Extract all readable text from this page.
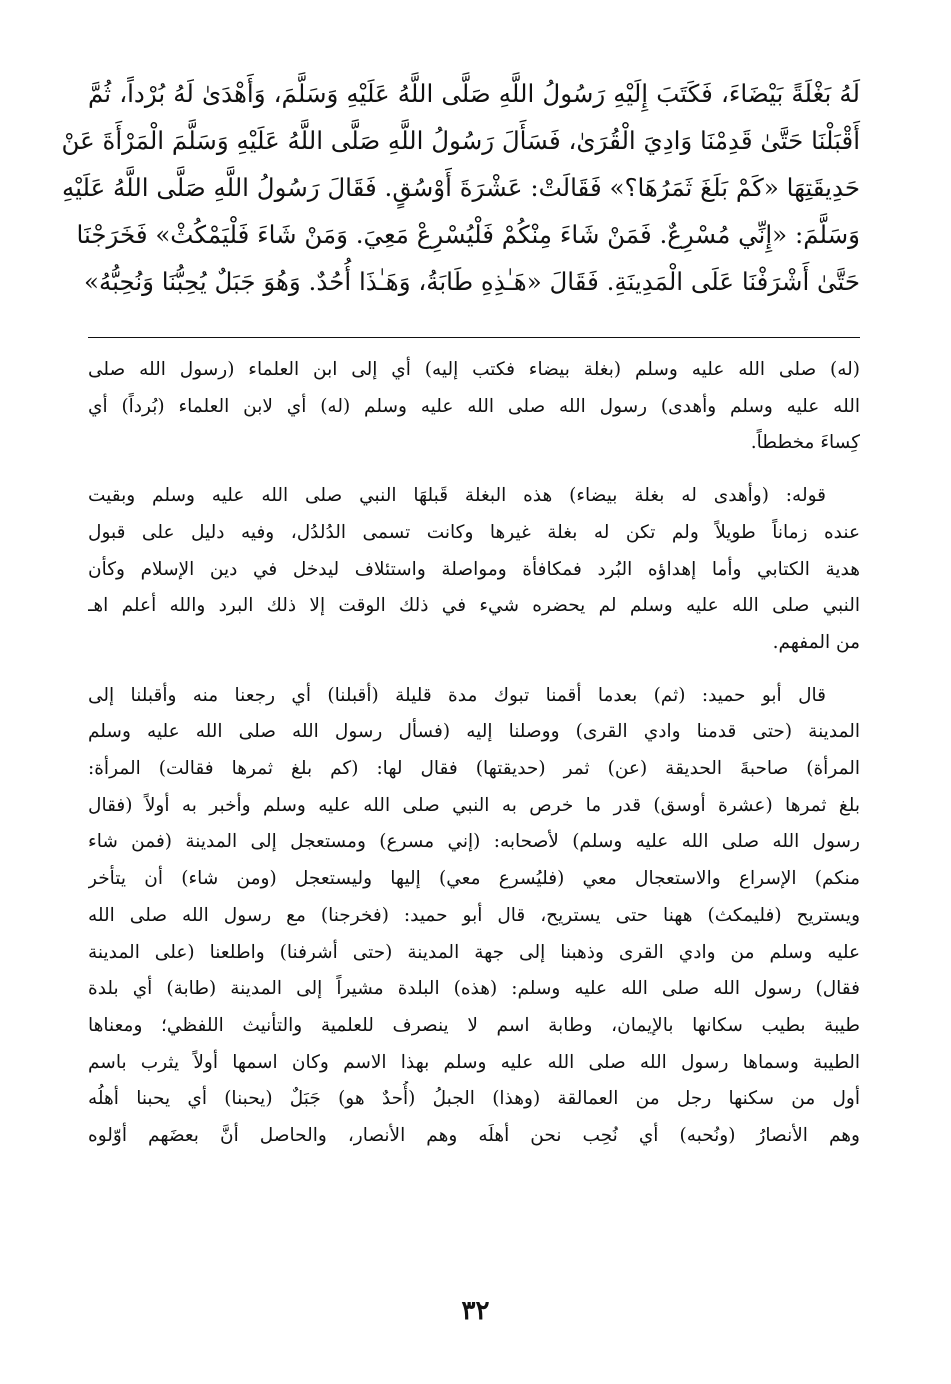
لَهُ بَغْلَةً بَيْضَاءَ، فَكَتَبَ إِلَيْهِ رَسُولُ اللَّهِ صَلَّى اللَّهُ عَلَيْهِ وَسَلَّمَ، وَأَهْدَىٰ لَهُ بُرْداً، ثُمَّ
أَقْبَلْنَا حَتَّىٰ قَدِمْنَا وَادِيَ الْقُرَىٰ، فَسَأَلَ رَسُولُ اللَّهِ صَلَّى اللَّهُ عَلَيْهِ وَسَلَّمَ الْمَرْأَةَ عَنْ
حَدِيقَتِهَا «كَمْ بَلَغَ ثَمَرُهَا؟» فَقَالَتْ: عَشْرَةَ أَوْسُقٍ. فَقَالَ رَسُولُ اللَّهِ صَلَّى اللَّهُ عَلَيْهِ
وَسَلَّمَ: «إِنِّي مُسْرِعٌ. فَمَنْ شَاءَ مِنْكُمْ فَلْيُسْرِعْ مَعِيَ. وَمَنْ شَاءَ فَلْيَمْكُثْ» فَخَرَجْنَا
حَتَّىٰ أَشْرَفْنَا عَلَى الْمَدِينَةِ. فَقَالَ «هَـٰذِهِ طَابَةُ، وَهَـٰذَا أُحُدٌ. وَهُوَ جَبَلٌ يُحِبُّنَا وَنُحِبُّهُ»
(له) صلى الله عليه وسلم (بغلة بيضاء فكتب إليه) أي إلى ابن العلماء (رسول الله صلى
الله عليه وسلم وأهدى) رسول الله صلى الله عليه وسلم (له) أي لابن العلماء (بُرداً) أي
كِساءَ مخططاً.
قوله: (وأهدى له بغلة بيضاء) هذه البغلة قَبلهَا النبي صلى الله عليه وسلم وبقيت
عنده زماناً طويلاً ولم تكن له بغلة غيرها وكانت تسمى الدُلدُل، وفيه دليل على قبول
هدية الكتابي وأما إهداؤه البُرد فمكافأة ومواصلة واستئلاف ليدخل في دين الإسلام وكأن
النبي صلى الله عليه وسلم لم يحضره شيء في ذلك الوقت إلا ذلك البرد والله أعلم اهـ
من المفهم.
قال أبو حميد: (ثم) بعدما أقمنا تبوك مدة قليلة (أقبلنا) أي رجعنا منه وأقبلنا إلى
المدينة (حتى قدمنا وادي القرى) ووصلنا إليه (فسأل رسول الله صلى الله عليه وسلم
المرأة) صاحبةَ الحديقة (عن) ثمر (حديقتها) فقال لها: (كم بلغ ثمرها فقالت) المرأة:
بلغ ثمرها (عشرة أوسق) قدر ما خرص به النبي صلى الله عليه وسلم وأخبر به أولاً (فقال
رسول الله صلى الله عليه وسلم) لأصحابه: (إني مسرع) ومستعجل إلى المدينة (فمن شاء
منكم) الإسراع والاستعجال معي (فليُسرع معي) إليها وليستعجل (ومن شاء) أن يتأخر
ويستريح (فليمكث) ههنا حتى يستريح، قال أبو حميد: (فخرجنا) مع رسول الله صلى الله
عليه وسلم من وادي القرى وذهبنا إلى جهة المدينة (حتى أشرفنا) واطلعنا (على المدينة
فقال) رسول الله صلى الله عليه وسلم: (هذه) البلدة مشيراً إلى المدينة (طابة) أي بلدة
طيبة بطيب سكانها بالإيمان، وطابة اسم لا ينصرف للعلمية والتأنيث اللفظي؛ ومعناها
الطيبة وسماها رسول الله صلى الله عليه وسلم بهذا الاسم وكان اسمها أولاً يثرب باسم
أول من سكنها رجل من العمالقة (وهذا) الجبلُ (أُحدٌ هو) جَبَلٌ (يحبنا) أي يحبنا أهلُه
وهم الأنصارُ (ونُحبه) أي نُحِب نحن أهلَه وهم الأنصار، والحاصل أنَّ بعضَهم أوّلوه
٣٢
